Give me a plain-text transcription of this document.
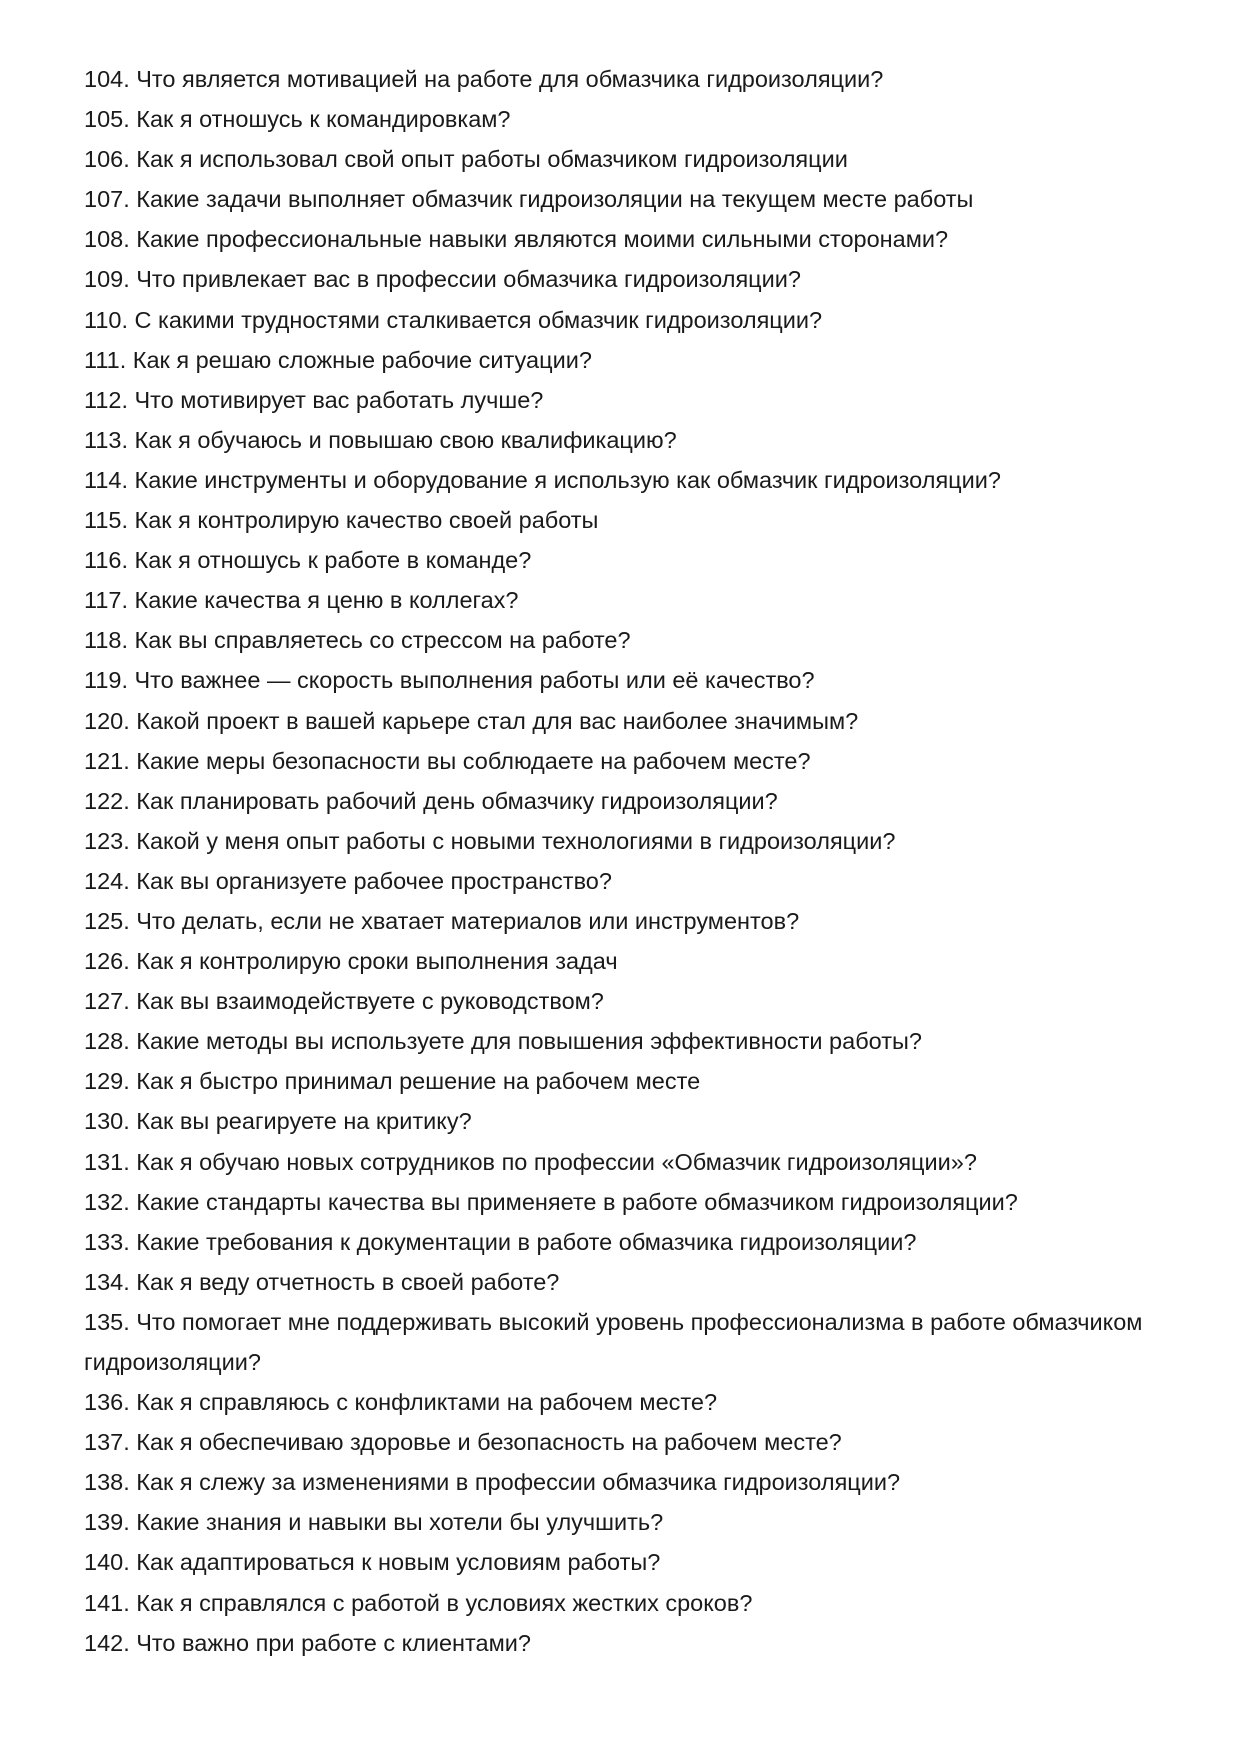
104. Что является мотивацией на работе для обмазчика гидроизоляции?

105. Как я отношусь к командировкам?

106. Как я использовал свой опыт работы обмазчиком гидроизоляции

107. Какие задачи выполняет обмазчик гидроизоляции на текущем месте работы

108. Какие профессиональные навыки являются моими сильными сторонами?

109. Что привлекает вас в профессии обмазчика гидроизоляции?

110. С какими трудностями сталкивается обмазчик гидроизоляции?

111. Как я решаю сложные рабочие ситуации?

112. Что мотивирует вас работать лучше?

113. Как я обучаюсь и повышаю свою квалификацию?

114. Какие инструменты и оборудование я использую как обмазчик гидроизоляции?

115. Как я контролирую качество своей работы

116. Как я отношусь к работе в команде?

117. Какие качества я ценю в коллегах?

118. Как вы справляетесь со стрессом на работе?

119. Что важнее — скорость выполнения работы или её качество?

120. Какой проект в вашей карьере стал для вас наиболее значимым?

121. Какие меры безопасности вы соблюдаете на рабочем месте?

122. Как планировать рабочий день обмазчику гидроизоляции?

123. Какой у меня опыт работы с новыми технологиями в гидроизоляции?

124. Как вы организуете рабочее пространство?

125. Что делать, если не хватает материалов или инструментов?

126. Как я контролирую сроки выполнения задач

127. Как вы взаимодействуете с руководством?

128. Какие методы вы используете для повышения эффективности работы?

129. Как я быстро принимал решение на рабочем месте

130. Как вы реагируете на критику?

131. Как я обучаю новых сотрудников по профессии «Обмазчик гидроизоляции»?

132. Какие стандарты качества вы применяете в работе обмазчиком гидроизоляции?

133. Какие требования к документации в работе обмазчика гидроизоляции?

134. Как я веду отчетность в своей работе?

135. Что помогает мне поддерживать высокий уровень профессионализма в работе обмазчиком гидроизоляции?

136. Как я справляюсь с конфликтами на рабочем месте?

137. Как я обеспечиваю здоровье и безопасность на рабочем месте?

138. Как я слежу за изменениями в профессии обмазчика гидроизоляции?

139. Какие знания и навыки вы хотели бы улучшить?

140. Как адаптироваться к новым условиям работы?

141. Как я справлялся с работой в условиях жестких сроков?

142. Что важно при работе с клиентами?
